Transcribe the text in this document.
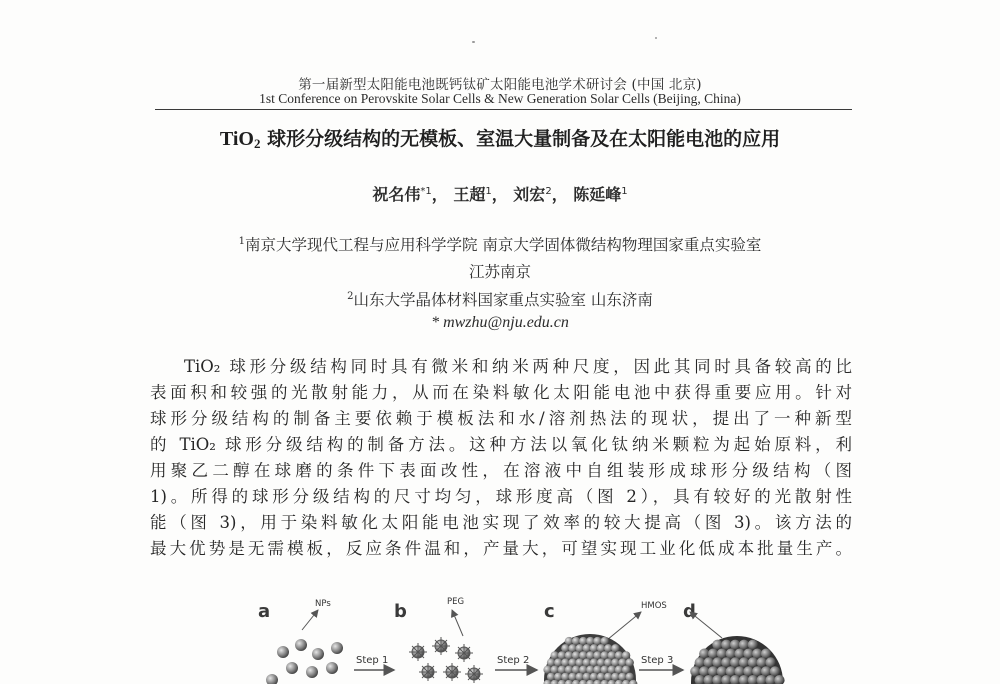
第一届新型太阳能电池既钙钛矿太阳能电池学术研讨会 (中国 北京)
1st Conference on Perovskite Solar Cells & New Generation Solar Cells (Beijing, China)
TiO$_2$ 球形分级结构的无模板、室温大量制备及在太阳能电池的应用
祝名伟$^{*1}$， 王超$^1$， 刘宏$^2$， 陈延峰$^1$
$^1$南京大学现代工程与应用科学学院 南京大学固体微结构物理国家重点实验室
江苏南京
$^2$山东大学晶体材料国家重点实验室 山东济南
* mwzhu@nju.edu.cn
TiO₂ 球形分级结构同时具有微米和纳米两种尺度，因此其同时具备较高的比
表面积和较强的光散射能力，从而在染料敏化太阳能电池中获得重要应用。针对
球形分级结构的制备主要依赖于模板法和水/溶剂热法的现状，提出了一种新型
的 TiO₂ 球形分级结构的制备方法。这种方法以氧化钛纳米颗粒为起始原料，利
用聚乙二醇在球磨的条件下表面改性，在溶液中自组装形成球形分级结构（图
1)。所得的球形分级结构的尺寸均匀，球形度高（图 2），具有较好的光散射性
能（图 3)，用于染料敏化太阳能电池实现了效率的较大提高（图 3)。该方法的
最大优势是无需模板，反应条件温和，产量大，可望实现工业化低成本批量生产。
a	b	c	d
NPs	PEG	HMOS
Step 1	Step 2	Step 3
